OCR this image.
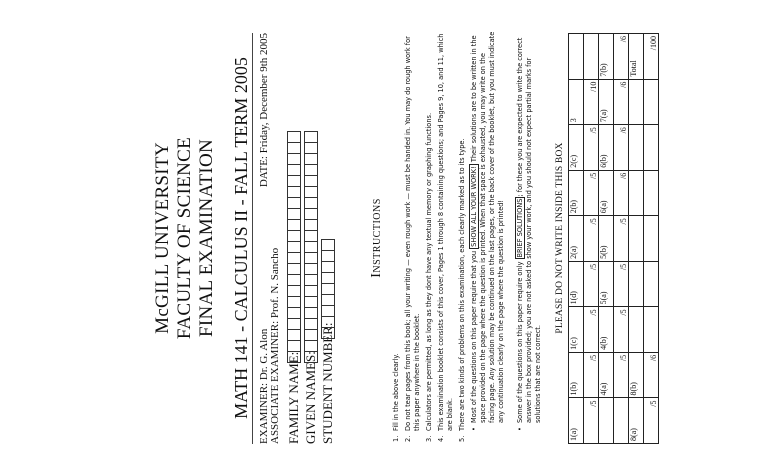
McGILL UNIVERSITY FACULTY OF SCIENCE FINAL EXAMINATION MATH 141 - CALCULUS II - FALL TERM 2005 EXAMINER: Dr. G. Alon ASSOCIATE EXAMINER: Prof. N. Sancho
DATE: Friday, December 9th 2005
FAMILY NAME: GIVEN NAMES: STUDENT NUMBER:
Instructions
1.
Fill in the above clearly.
2.
Do not tear pages from this book; all your writing — even rough work — must be handed in. You may do rough work for this paper anywhere in the booklet.
3.
Calculators are permitted, as long as they dont have any textual memory or graphing functions.
4.
This examination booklet consists of this cover, Pages 1 through 8 containing questions; and Pages 9, 10, and 11, which are blank.
5.
There are two kinds of problems on this examination, each clearly marked as to its type. •
Most of the questions on this paper require that you SHOW ALL YOUR WORK! Their solutions are to be written in the space provided on the page where the question is printed. When that space is exhausted, you may write on the facing page. Any solution may be continued on the last pages, or the back cover of the booklet, but you must indicate any continuation clearly on the page where the question is printed!
•
Some of the questions on this paper require only BRIEF SOLUTIONS; for these you are expected to write the correct answer in the box provided; you are not asked to show your work, and you should not expect partial marks for solutions that are not correct.
PLEASE DO NOT WRITE INSIDE THIS BOX
1(a)	1(b)	1(c)	1(d)	2(a)	2(b)	2(c)	3	
/5	/5	/5	/5	/5	/5	/5	/10	
	4(a)	4(b)	5(a)	5(b)	6(a)	6(b)	7(a)	7(b)
	/5	/5	/5	/5	/6	/6	/6	/6
8(a)	8(b)							Total
/5	/6							/100
